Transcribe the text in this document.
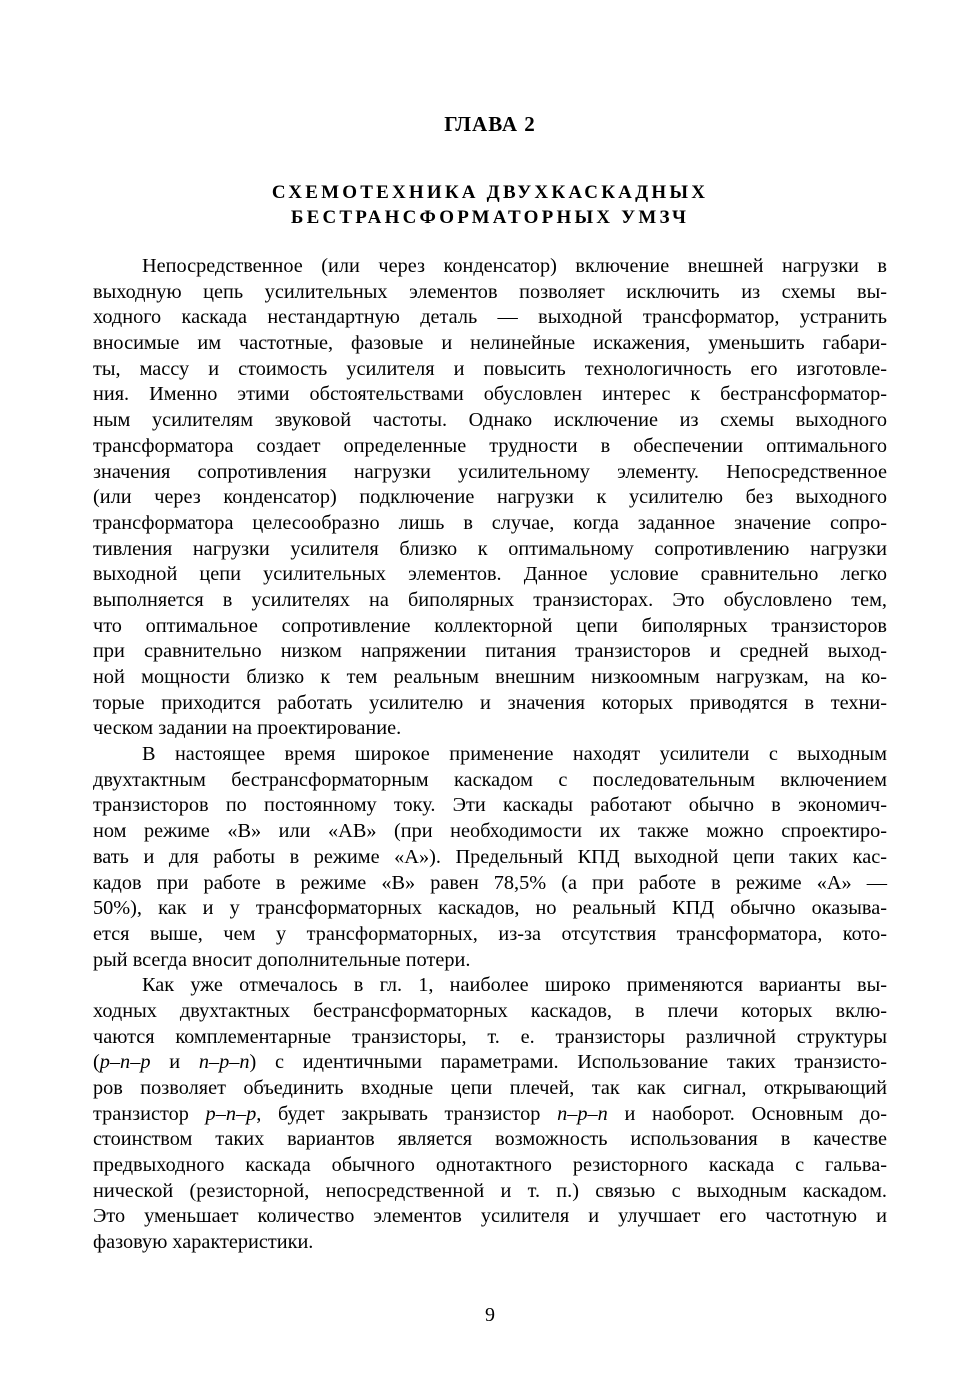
ГЛАВА 2
СХЕМОТЕХНИКА ДВУХКАСКАДНЫХ
БЕСТРАНСФОРМАТОРНЫХ УМЗЧ
Непосредственное (или через конденсатор) включение внешней нагрузки в
выходную цепь усилительных элементов позволяет исключить из схемы вы-
ходного каскада нестандартную деталь — выходной трансформатор, устранить
вносимые им частотные, фазовые и нелинейные искажения, уменьшить габари-
ты, массу и стоимость усилителя и повысить технологичность его изготовле-
ния. Именно этими обстоятельствами обусловлен интерес к бестрансформатор-
ным усилителям звуковой частоты. Однако исключение из схемы выходного
трансформатора создает определенные трудности в обеспечении оптимального
значения сопротивления нагрузки усилительному элементу. Непосредственное
(или через конденсатор) подключение нагрузки к усилителю без выходного
трансформатора целесообразно лишь в случае, когда заданное значение сопро-
тивления нагрузки усилителя близко к оптимальному сопротивлению нагрузки
выходной цепи усилительных элементов. Данное условие сравнительно легко
выполняется в усилителях на биполярных транзисторах. Это обусловлено тем,
что оптимальное сопротивление коллекторной цепи биполярных транзисторов
при сравнительно низком напряжении питания транзисторов и средней выход-
ной мощности близко к тем реальным внешним низкоомным нагрузкам, на ко-
торые приходится работать усилителю и значения которых приводятся в техни-
ческом задании на проектирование.
В настоящее время широкое применение находят усилители с выходным
двухтактным бестрансформаторным каскадом с последовательным включением
транзисторов по постоянному току. Эти каскады работают обычно в экономич-
ном режиме «В» или «АВ» (при необходимости их также можно спроектиро-
вать и для работы в режиме «А»). Предельный КПД выходной цепи таких кас-
кадов при работе в режиме «В» равен 78,5% (а при работе в режиме «А» —
50%), как и у трансформаторных каскадов, но реальный КПД обычно оказыва-
ется выше, чем у трансформаторных, из-за отсутствия трансформатора, кото-
рый всегда вносит дополнительные потери.
Как уже отмечалось в гл. 1, наиболее широко применяются варианты вы-
ходных двухтактных бестрансформаторных каскадов, в плечи которых вклю-
чаются комплементарные транзисторы, т. е. транзисторы различной структуры
(p–n–p и n–p–n) с идентичными параметрами. Использование таких транзисто-
ров позволяет объединить входные цепи плечей, так как сигнал, открывающий
транзистор p–n–p, будет закрывать транзистор n–p–n и наоборот. Основным до-
стоинством таких вариантов является возможность использования в качестве
предвыходного каскада обычного однотактного резисторного каскада с гальва-
нической (резисторной, непосредственной и т. п.) связью с выходным каскадом.
Это уменьшает количество элементов усилителя и улучшает его частотную и
фазовую характеристики.
9
